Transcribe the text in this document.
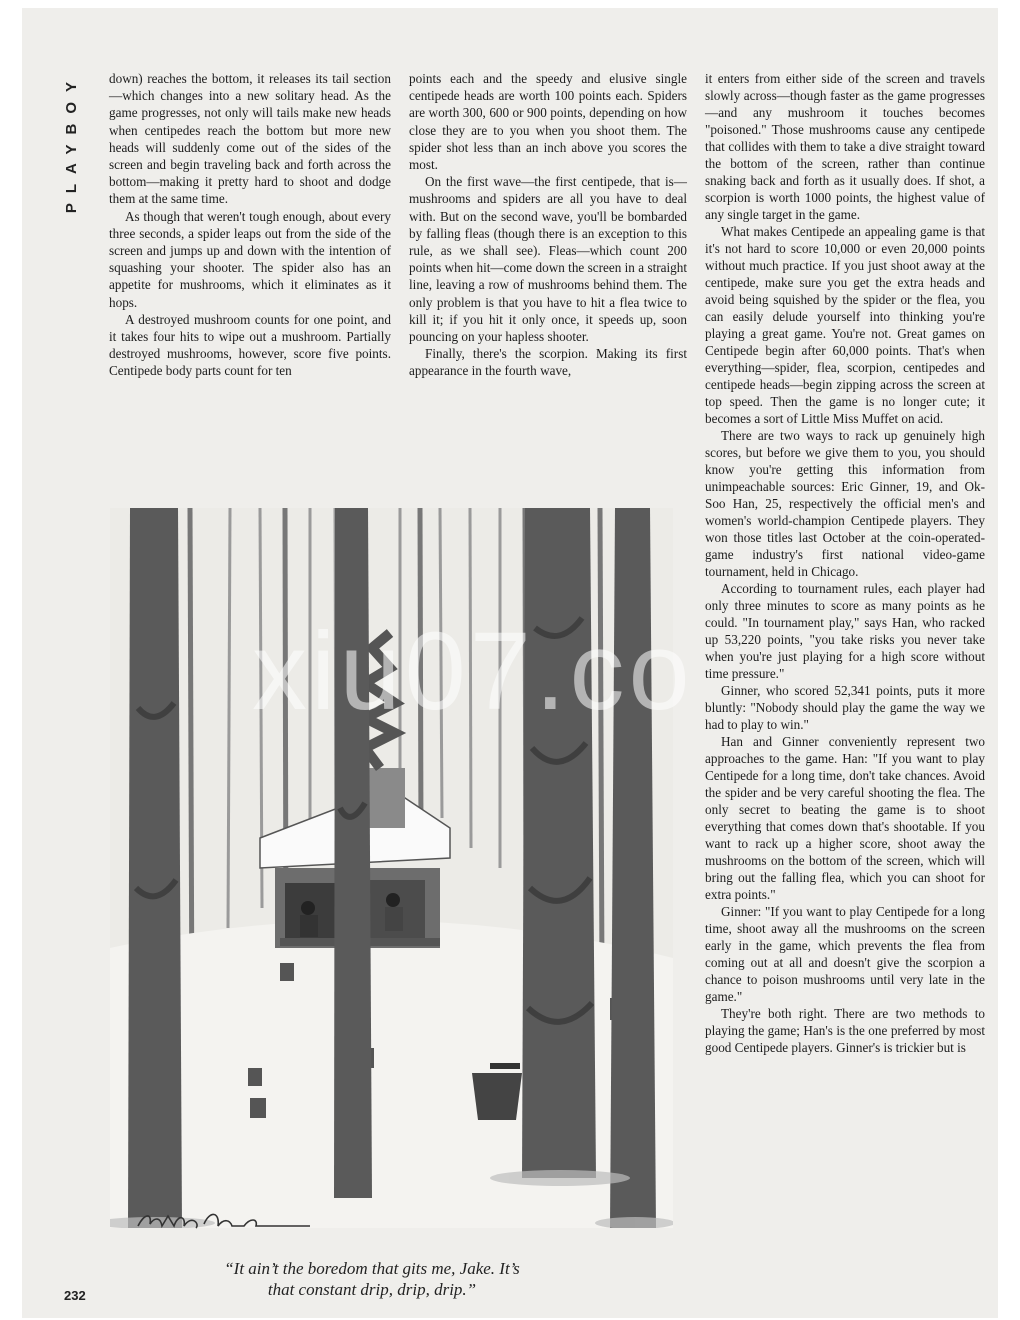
PLAYBOY down) reaches the bottom, it releases its tail section—which changes into a new solitary head. As the game progresses, not only will tails make new heads when centipedes reach the bottom but more new heads will suddenly come out of the sides of the screen and begin traveling back and forth across the bottom—making it pretty hard to shoot and dodge them at the same time.

As though that weren't tough enough, about every three seconds, a spider leaps out from the side of the screen and jumps up and down with the intention of squashing your shooter. The spider also has an appetite for mushrooms, which it eliminates as it hops.

A destroyed mushroom counts for one point, and it takes four hits to wipe out a mushroom. Partially destroyed mushrooms, however, score five points. Centipede body parts count for ten

points each and the speedy and elusive single centipede heads are worth 100 points each. Spiders are worth 300, 600 or 900 points, depending on how close they are to you when you shoot them. The spider shot less than an inch above you scores the most.

On the first wave—the first centipede, that is—mushrooms and spiders are all you have to deal with. But on the second wave, you'll be bombarded by falling fleas (though there is an exception to this rule, as we shall see). Fleas—which count 200 points when hit—come down the screen in a straight line, leaving a row of mushrooms behind them. The only problem is that you have to hit a flea twice to kill it; if you hit it only once, it speeds up, soon pouncing on your hapless shooter.

Finally, there's the scorpion. Making its first appearance in the fourth wave,

it enters from either side of the screen and travels slowly across—though faster as the game progresses—and any mushroom it touches becomes "poisoned." Those mushrooms cause any centipede that collides with them to take a dive straight toward the bottom of the screen, rather than continue snaking back and forth as it usually does. If shot, a scorpion is worth 1000 points, the highest value of any single target in the game.

What makes Centipede an appealing game is that it's not hard to score 10,000 or even 20,000 points without much practice. If you just shoot away at the centipede, make sure you get the extra heads and avoid being squished by the spider or the flea, you can easily delude yourself into thinking you're playing a great game. You're not. Great games on Centipede begin after 60,000 points. That's when everything—spider, flea, scorpion, centipedes and centipede heads—begin zipping across the screen at top speed. Then the game is no longer cute; it becomes a sort of Little Miss Muffet on acid.

There are two ways to rack up genuinely high scores, but before we give them to you, you should know you're getting this information from unimpeachable sources: Eric Ginner, 19, and Ok-Soo Han, 25, respectively the official men's and women's world-champion Centipede players. They won those titles last October at the coin-operated-game industry's first national video-game tournament, held in Chicago.

According to tournament rules, each player had only three minutes to score as many points as he could. "In tournament play," says Han, who racked up 53,220 points, "you take risks you never take when you're just playing for a high score without time pressure."

Ginner, who scored 52,341 points, puts it more bluntly: "Nobody should play the game the way we had to play to win."

Han and Ginner conveniently represent two approaches to the game. Han: "If you want to play Centipede for a long time, don't take chances. Avoid the spider and be very careful shooting the flea. The only secret to beating the game is to shoot everything that comes down that's shootable. If you want to rack up a higher score, shoot away the mushrooms on the bottom of the screen, which will bring out the falling flea, which you can shoot for extra points."

Ginner: "If you want to play Centipede for a long time, shoot away all the mushrooms on the screen early in the game, which prevents the flea from coming out at all and doesn't give the scorpion a chance to poison mushrooms until very late in the game."

They're both right. There are two methods to playing the game; Han's is the one preferred by most good Centipede players. Ginner's is trickier but is

“It ain’t the boredom that gits me, Jake. It’s
that constant drip, drip, drip.”
232
xiu07.co
